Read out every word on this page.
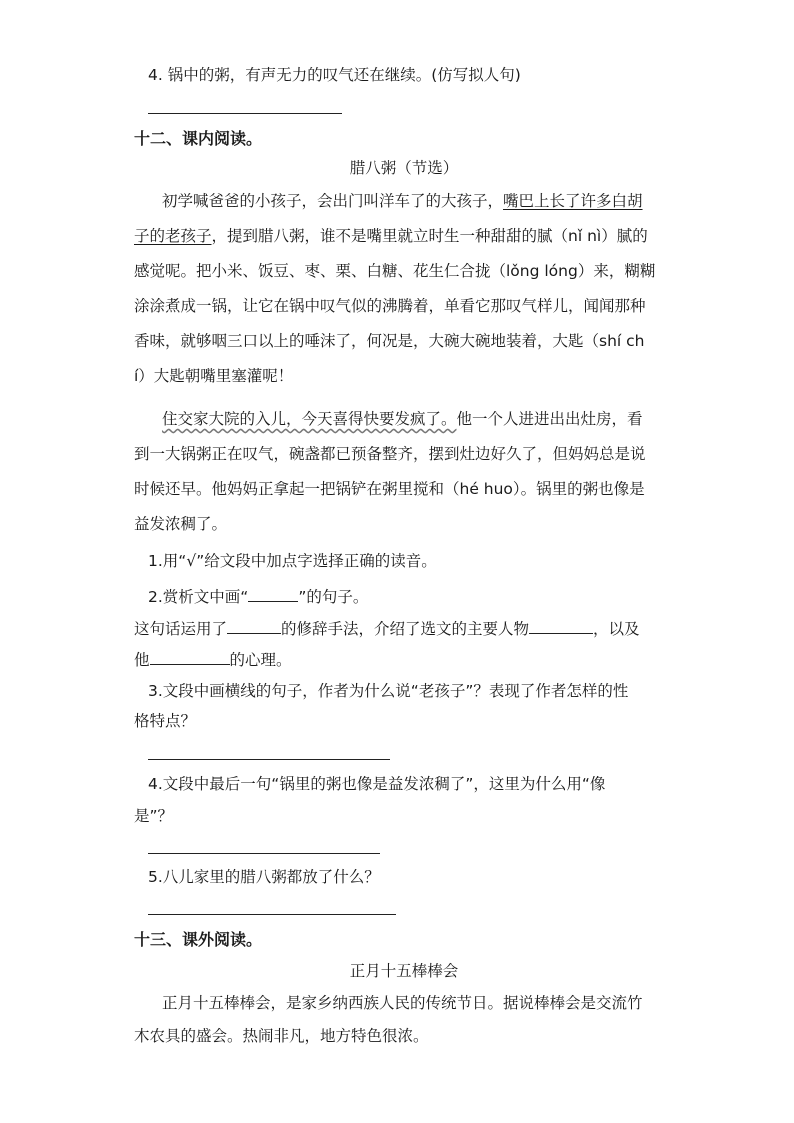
4. 锅中的粥，有声无力的叹气还在继续。(仿写拟人句)
十二、课内阅读。
腊八粥（节选）
初学喊爸爸的小孩子，会出门叫洋车了的大孩子，嘴巴上长了许多白胡
子的老孩子，提到腊八粥，谁不是嘴里就立时生一种甜甜的腻（nǐ nì）腻的
感觉呢。把小米、饭豆、枣、栗、白糖、花生仁合拢（lǒng lóng）来，糊糊
涂涂煮成一锅，让它在锅中叹气似的沸腾着，单看它那叹气样儿，闻闻那种
香味，就够咽三口以上的唾沫了，何况是，大碗大碗地装着，大匙（shí ch
í）大匙朝嘴里塞灌呢！
住交家大院的入儿，今天喜得快要发疯了。他一个人进进出出灶房，看
到一大锅粥正在叹气，碗盏都已预备整齐，摆到灶边好久了，但妈妈总是说
时候还早。他妈妈正拿起一把锅铲在粥里搅和（hé huo）。锅里的粥也像是
益发浓稠了。
1.用“√”给文段中加点字选择正确的读音。
2.赏析文中画“	”的句子。
这句话运用了	的修辞手法，介绍了选文的主要人物	，以及
他	的心理。
3.文段中画横线的句子，作者为什么说“老孩子”？表现了作者怎样的性
格特点？
4.文段中最后一句“锅里的粥也像是益发浓稠了”，这里为什么用“像
是”？
5.八儿家里的腊八粥都放了什么？
十三、课外阅读。
正月十五棒棒会
正月十五棒棒会，是家乡纳西族人民的传统节日。据说棒棒会是交流竹
木农具的盛会。热闹非凡，地方特色很浓。
